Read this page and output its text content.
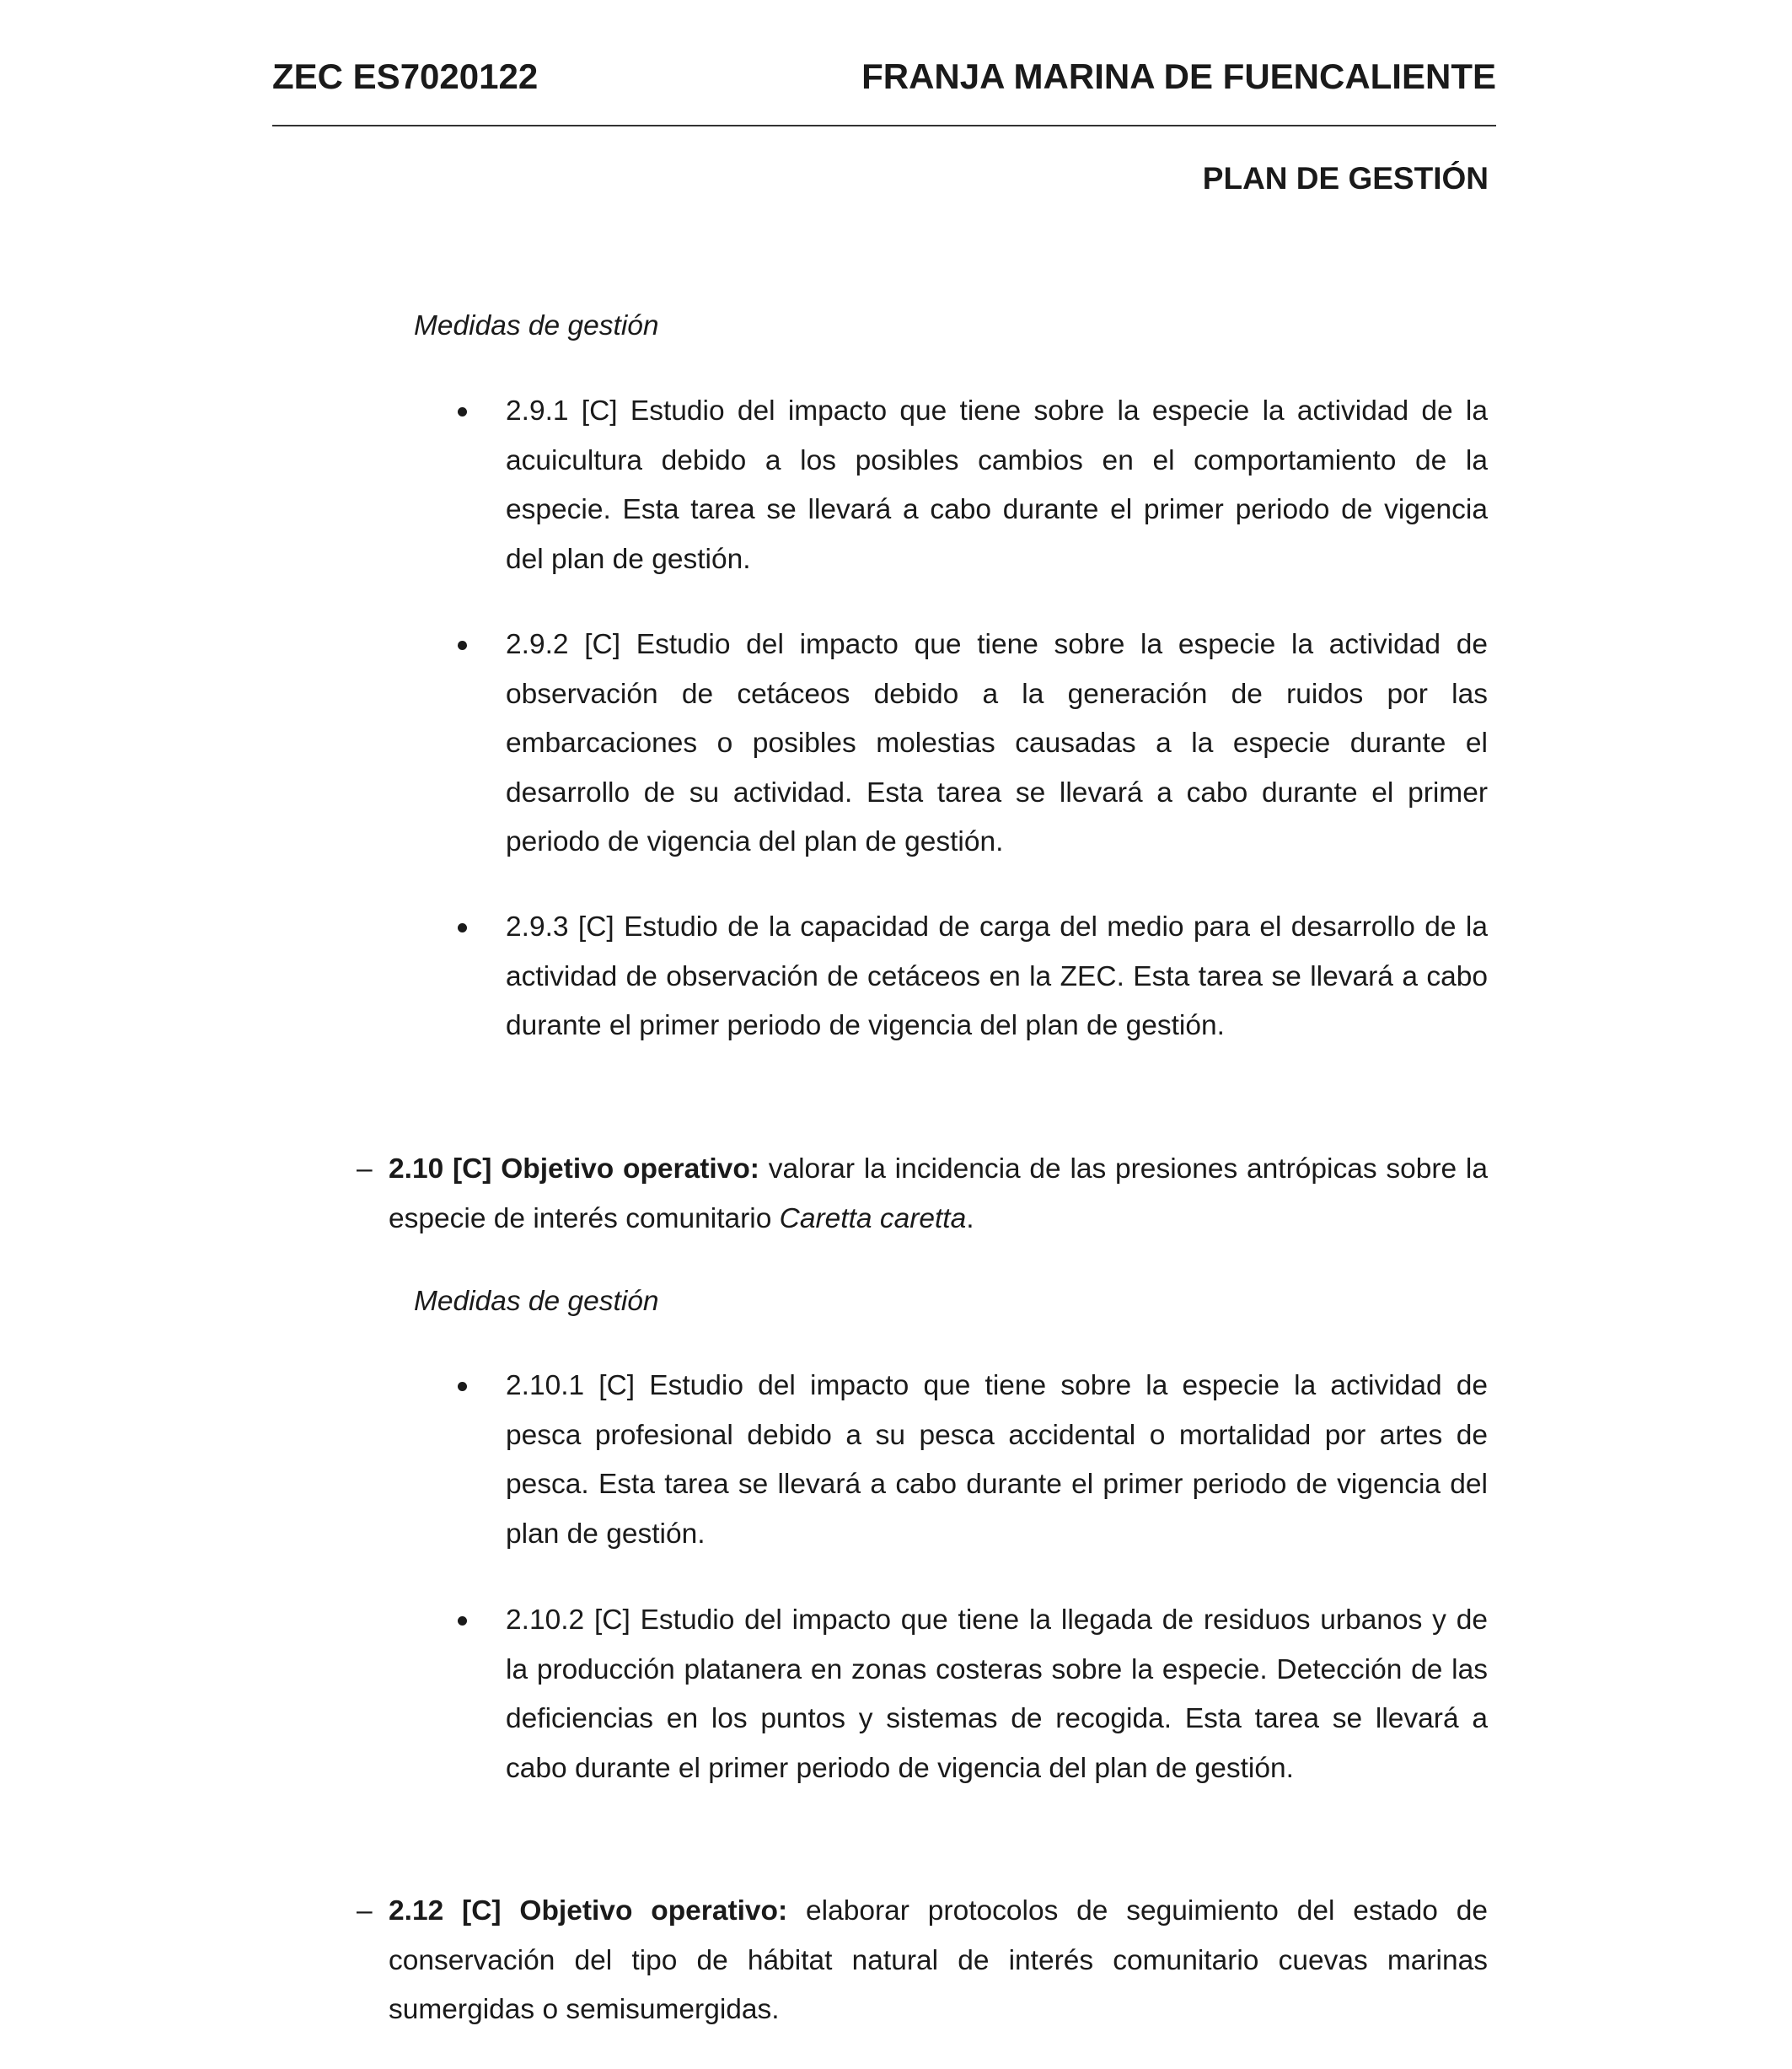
ZEC ES7020122	FRANJA MARINA DE FUENCALIENTE
PLAN DE GESTIÓN
Medidas de gestión
2.9.1 [C] Estudio del impacto que tiene sobre la especie la actividad de la acuicultura debido a los posibles cambios en el comportamiento de la especie. Esta tarea se llevará a cabo durante el primer periodo de vigencia del plan de gestión.
2.9.2 [C] Estudio del impacto que tiene sobre la especie la actividad de observación de cetáceos debido a la generación de ruidos por las embarcaciones o posibles molestias causadas a la especie durante el desarrollo de su actividad. Esta tarea se llevará a cabo durante el primer periodo de vigencia del plan de gestión.
2.9.3 [C] Estudio de la capacidad de carga del medio para el desarrollo de la actividad de observación de cetáceos en la ZEC. Esta tarea se llevará a cabo durante el primer periodo de vigencia del plan de gestión.
– 2.10 [C] Objetivo operativo: valorar la incidencia de las presiones antrópicas sobre la especie de interés comunitario Caretta caretta.
Medidas de gestión
2.10.1 [C] Estudio del impacto que tiene sobre la especie la actividad de pesca profesional debido a su pesca accidental o mortalidad por artes de pesca. Esta tarea se llevará a cabo durante el primer periodo de vigencia del plan de gestión.
2.10.2 [C] Estudio del impacto que tiene la llegada de residuos urbanos y de la producción platanera en zonas costeras sobre la especie. Detección de las deficiencias en los puntos y sistemas de recogida. Esta tarea se llevará a cabo durante el primer periodo de vigencia del plan de gestión.
– 2.12 [C] Objetivo operativo: elaborar protocolos de seguimiento del estado de conservación del tipo de hábitat natural de interés comunitario cuevas marinas sumergidas o semisumergidas.
